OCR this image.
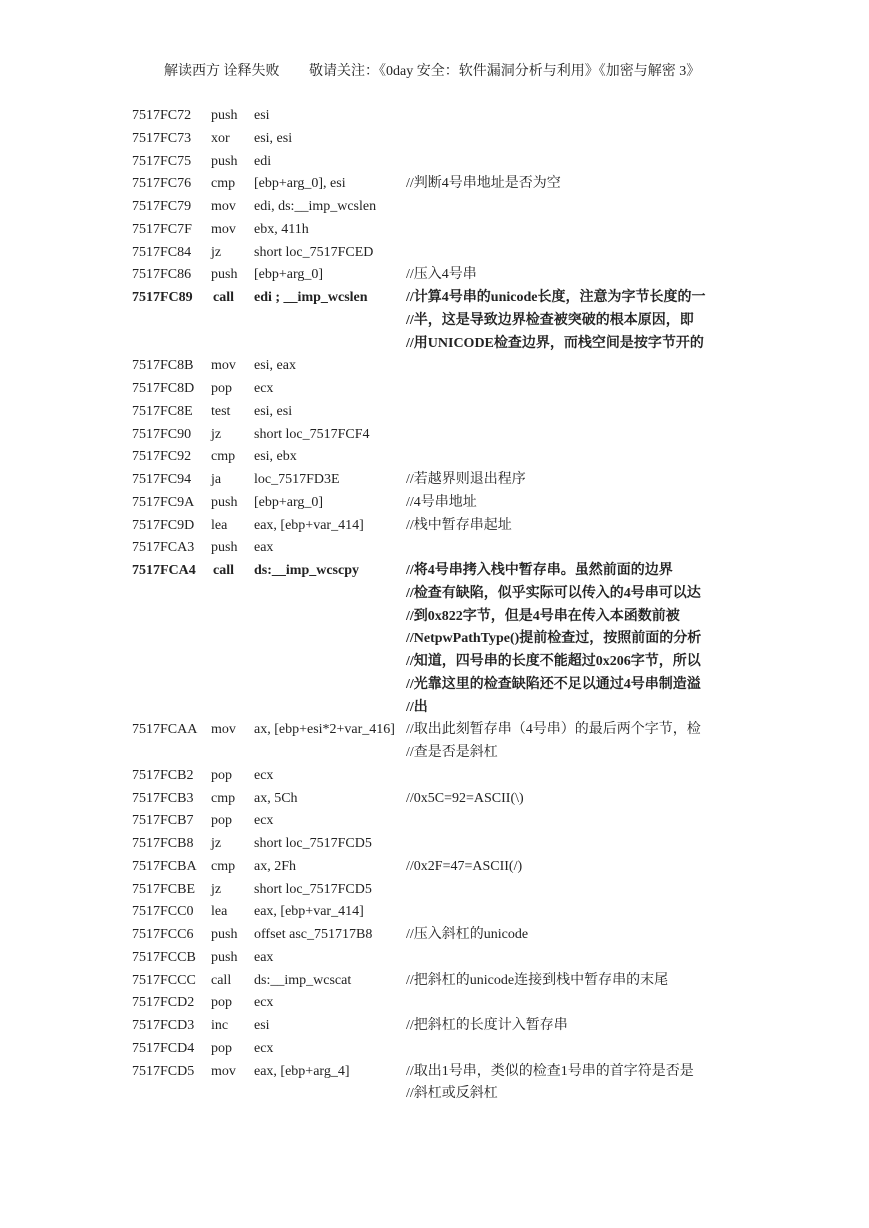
解读西方 诠释失败 敬请关注：《0day 安全：软件漏洞分析与利用》《加密与解密 3》
7517FC72 push esi
7517FC73 xor esi, esi
7517FC75 push edi
7517FC76 cmp [ebp+arg_0], esi	//判断4号串地址是否为空
7517FC79 mov edi, ds:__imp_wcslen
7517FC7F mov ebx, 411h
7517FC84 jz short loc_7517FCED
7517FC86 push [ebp+arg_0]	//压入4号串
7517FC89 call edi ; __imp_wcslen	//计算4号串的unicode长度，注意为字节长度的一
//半，这是导致边界检查被突破的根本原因，即
//用UNICODE检查边界，而栈空间是按字节开的
7517FC8B mov esi, eax
7517FC8D pop ecx
7517FC8E test esi, esi
7517FC90 jz short loc_7517FCF4
7517FC92 cmp esi, ebx
7517FC94 ja loc_7517FD3E	//若越界则退出程序
7517FC9A push [ebp+arg_0]	//4号串地址
7517FC9D lea eax, [ebp+var_414]	//栈中暂存串起址
7517FCA3 push eax
7517FCA4 call ds:__imp_wcscpy	//将4号串拷入栈中暂存串。虽然前面的边界
//检查有缺陷，似乎实际可以传入的4号串可以达
//到0x822字节，但是4号串在传入本函数前被
//NetpwPathType()提前检查过，按照前面的分析
//知道，四号串的长度不能超过0x206字节，所以
//光靠这里的检查缺陷还不足以通过4号串制造溢
//出
7517FCAA mov ax, [ebp+esi*2+var_416] //取出此刻暂存串（4号串）的最后两个字节，检
//查是否是斜杠
7517FCB2 pop ecx
7517FCB3 cmp ax, 5Ch	//0x5C=92=ASCII(\)
7517FCB7 pop ecx
7517FCB8 jz short loc_7517FCD5
7517FCBA cmp ax, 2Fh	//0x2F=47=ASCII(/)
7517FCBE jz short loc_7517FCD5
7517FCC0 lea eax, [ebp+var_414]
7517FCC6 push offset asc_751717B8 //压入斜杠的unicode
7517FCCB push eax
7517FCCC call ds:__imp_wcscat	//把斜杠的unicode连接到栈中暂存串的末尾
7517FCD2 pop ecx
7517FCD3 inc esi	//把斜杠的长度计入暂存串
7517FCD4 pop ecx
7517FCD5 mov eax, [ebp+arg_4]	//取出1号串，类似的检查1号串的首字符是否是
//斜杠或反斜杠
